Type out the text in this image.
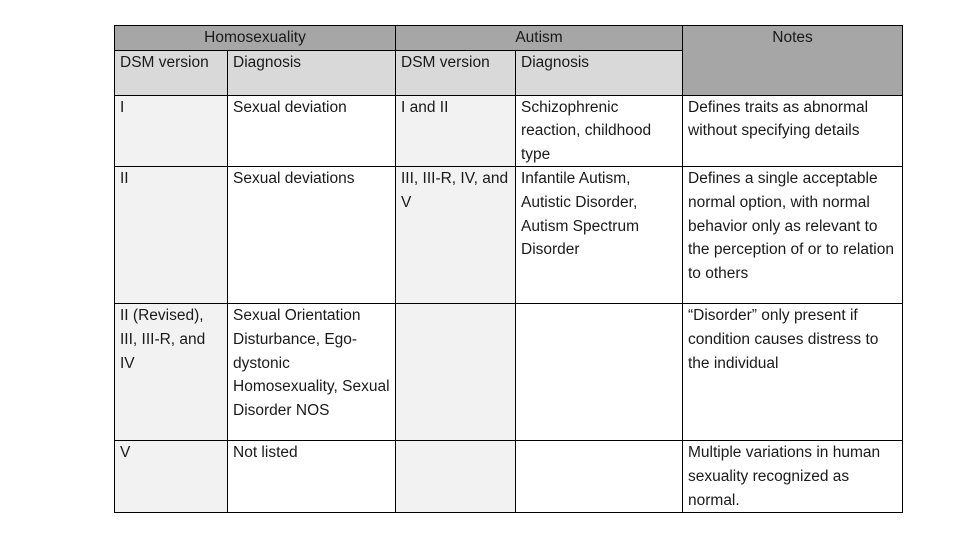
Homosexuality		Autism		Notes
DSM version	Diagnosis	DSM version	Diagnosis	
I	Sexual deviation	I and II	Schizophrenic reaction, childhood type	Defines traits as abnormal without specifying details
II	Sexual deviations	III, III-R, IV, and V	Infantile Autism, Autistic Disorder, Autism Spectrum Disorder	Defines a single acceptable normal option, with normal behavior only as relevant to the perception of or to relation to others
II (Revised), III, III-R, and IV	Sexual Orientation Disturbance, Ego-dystonic Homosexuality, Sexual Disorder NOS			“Disorder” only present if condition causes distress to the individual
V	Not listed			Multiple variations in human sexuality recognized as normal.
